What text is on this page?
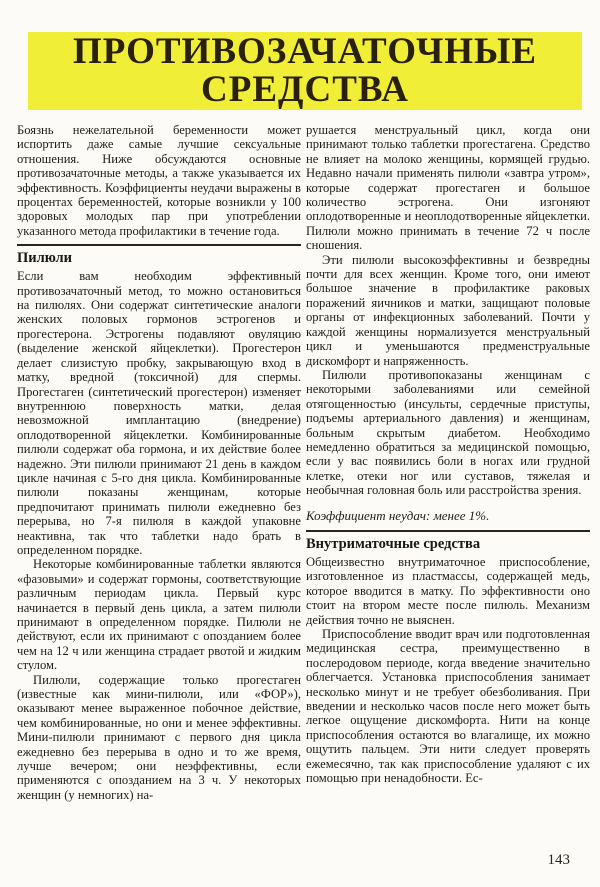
ПРОТИВОЗАЧАТОЧНЫЕ
СРЕДСТВА

Боязнь нежелательной беременности может испортить даже самые лучшие сексуальные отношения. Ниже обсуждаются основные противозачаточные методы, а также указывается их эффективность. Коэффициенты неудачи выражены в процентах беременностей, которые возникли у 100 здоровых молодых пар при употреблении указанного метода профилактики в течение года.

Пилюли

Если вам необходим эффективный противозачаточный метод, то можно остановиться на пилюлях. Они содержат синтетические аналоги женских половых гормонов эстрогенов и прогестерона. Эстрогены подавляют овуляцию (выделение женской яйцеклетки). Прогестерон делает слизистую пробку, закрывающую вход в матку, вредной (токсичной) для спермы. Прогестаген (синтетический прогестерон) изменяет внутреннюю поверхность матки, делая невозможной имплантацию (внедрение) оплодотворенной яйцеклетки. Комбинированные пилюли содержат оба гормона, и их действие более надежно. Эти пилюли принимают 21 день в каждом цикле начиная с 5-го дня цикла. Комбинированные пилюли показаны женщинам, которые предпочитают принимать пилюли ежедневно без перерыва, но 7-я пилюля в каждой упаковне неактивна, так что таблетки надо брать в определенном порядке.

Некоторые комбинированные таблетки являются «фазовыми» и содержат гормоны, соответствующие различным периодам цикла. Первый курс начинается в первый день цикла, а затем пилюли принимают в определенном порядке. Пилюли не действуют, если их принимают с опозданием более чем на 12 ч или женщина страдает рвотой и жидким стулом.

Пилюли, содержащие только прогестаген (известные как мини-пилюли, или «ФОР»), оказывают менее выраженное побочное действие, чем комбинированные, но они и менее эффективны. Мини-пилюли принимают с первого дня цикла ежедневно без перерыва в одно и то же время, лучше вечером; они неэффективны, если применяются с опозданием на 3 ч. У некоторых женщин (у немногих) на-

рушается менструальный цикл, когда они принимают только таблетки прогестагена. Средство не влияет на молоко женщины, кормящей грудью. Недавно начали применять пилюли «завтра утром», которые содержат прогестаген и большое количество эстрогена. Они изгоняют оплодотворенные и неоплодотворенные яйцеклетки. Пилюли можно принимать в течение 72 ч после сношения.

Эти пилюли высокоэффективны и безвредны почти для всех женщин. Кроме того, они имеют большое значение в профилактике раковых поражений яичников и матки, защищают половые органы от инфекционных заболеваний. Почти у каждой женщины нормализуется менструальный цикл и уменьшаются предменструальные дискомфорт и напряженность.

Пилюли противопоказаны женщинам с некоторыми заболеваниями или семейной отягощенностью (инсульты, сердечные приступы, подъемы артериального давления) и женщинам, больным скрытым диабетом. Необходимо немедленно обратиться за медицинской помощью, если у вас появились боли в ногах или грудной клетке, отеки ног или суставов, тяжелая и необычная головная боль или расстройства зрения.

Коэффициент неудач: менее 1%.

Внутриматочные средства

Общеизвестно внутриматочное приспособление, изготовленное из пластмассы, содержащей медь, которое вводится в матку. По эффективности оно стоит на втором месте после пилюль. Механизм действия точно не выяснен.

Приспособление вводит врач или подготовленная медицинская сестра, преимущественно в послеродовом периоде, когда введение значительно облегчается. Установка приспособления занимает несколько минут и не требует обезболивания. При введении и несколько часов после него может быть легкое ощущение дискомфорта. Нити на конце приспособления остаются во влагалище, их можно ощутить пальцем. Эти нити следует проверять ежемесячно, так как приспособление удаляют с их помощью при ненадобности. Ес-

143
